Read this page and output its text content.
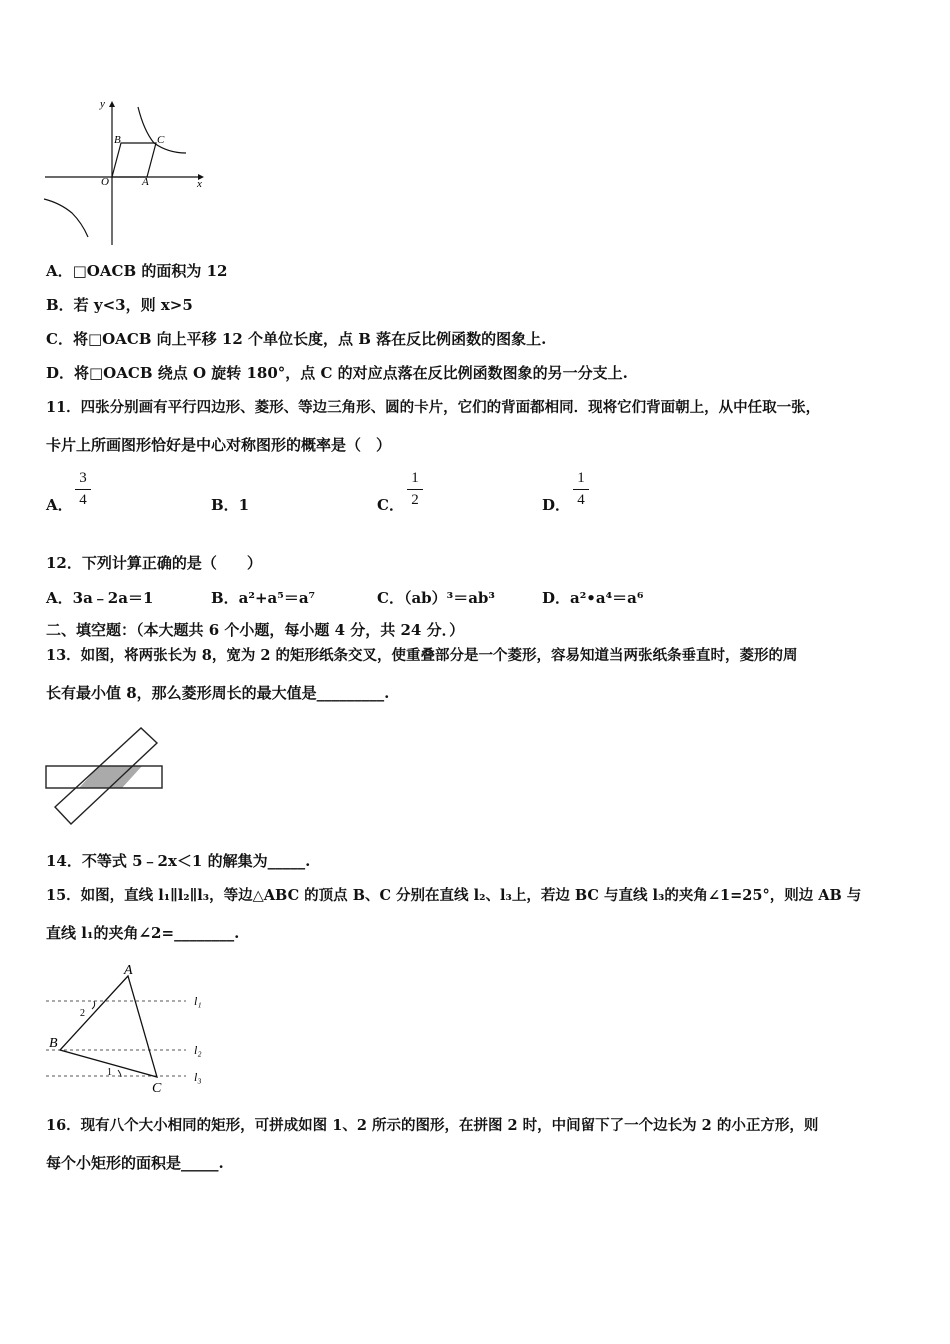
y
x
O	A
B	C
A．□OACB 的面积为 12
B．若 y<3，则 x>5
C．将□OACB 向上平移 12 个单位长度，点 B 落在反比例函数的图象上.
D．将□OACB 绕点 O 旋转 180°，点 C 的对应点落在反比例函数图象的另一分支上.
11．四张分别画有平行四边形、菱形、等边三角形、圆的卡片，它们的背面都相同．现将它们背面朝上，从中任取一张，
卡片上所画图形恰好是中心对称图形的概率是（　）
A．
3
4	B．1	C．
1
2	D．
1
4
12．下列计算正确的是（　　）
A．3a﹣2a＝1	B．a²+a⁵＝a⁷	C．（ab）³＝ab³	D．a²•a⁴＝a⁶
二、填空题：（本大题共 6 个小题，每小题 4 分，共 24 分．）
13．如图，将两张长为 8，宽为 2 的矩形纸条交叉，使重叠部分是一个菱形，容易知道当两张纸条垂直时，菱形的周
长有最小值 8，那么菱形周长的最大值是_________.
14．不等式 5﹣2x＜1 的解集为_____.
15．如图，直线 l₁∥l₂∥l₃，等边△ABC 的顶点 B、C 分别在直线 l₂、l₃上，若边 BC 与直线 l₃的夹角∠1=25°，则边 AB 与
直线 l₁的夹角∠2=________.
A
B
C
l₁
l₂
l₃
1
2
16．现有八个大小相同的矩形，可拼成如图 1、2 所示的图形，在拼图 2 时，中间留下了一个边长为 2 的小正方形，则
每个小矩形的面积是_____.
